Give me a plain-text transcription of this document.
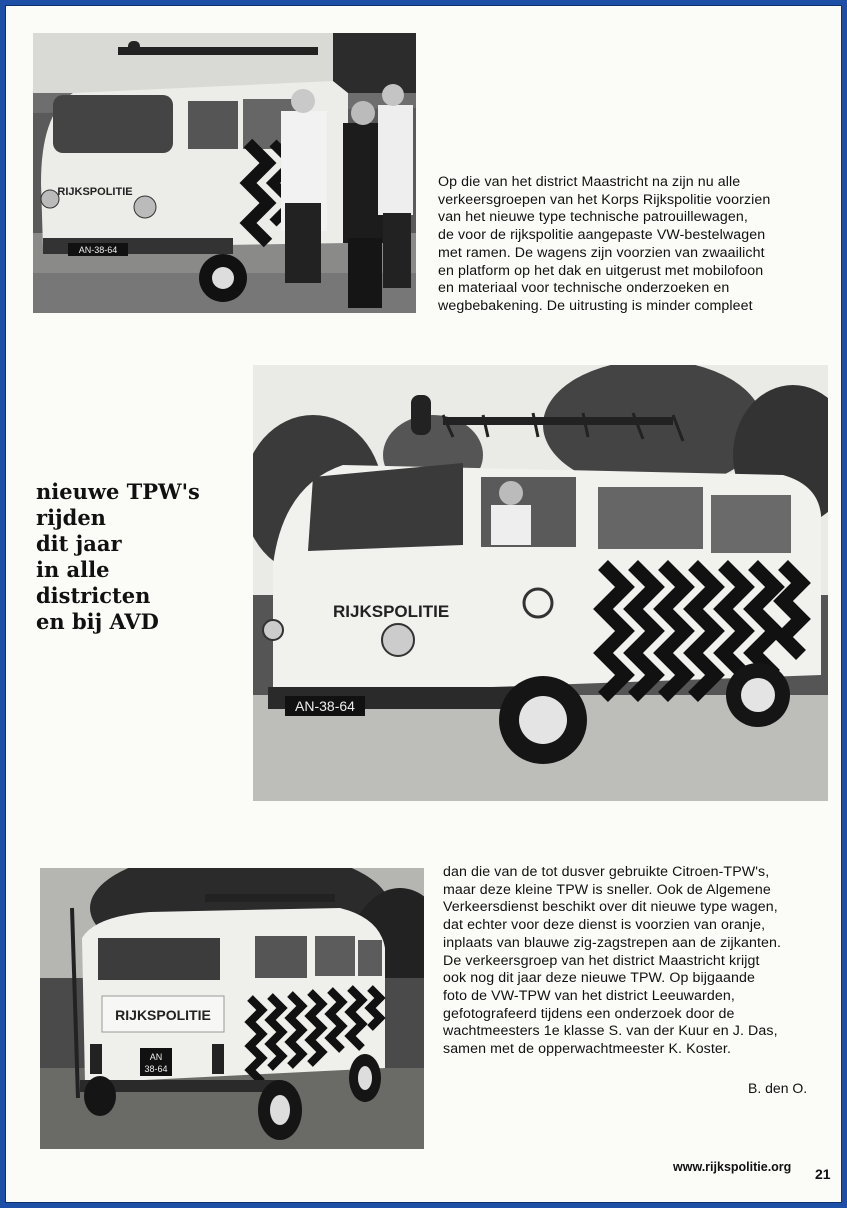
AN-38-64
RIJKSPOLITIE
Op die van het district Maastricht na zijn nu alle
verkeersgroepen van het Korps Rijkspolitie voorzien
van het nieuwe type technische patrouillewagen,
de voor de rijkspolitie aangepaste VW-bestelwagen
met ramen. De wagens zijn voorzien van zwaailicht
en platform op het dak en uitgerust met mobilofoon
en materiaal voor technische onderzoeken en
wegbebakening. De uitrusting is minder compleet
RIJKSPOLITIE
AN-38-64
nieuwe TPW's
rijden
dit jaar
in alle
districten
en bij AVD
RIJKSPOLITIE
AN
38-64
dan die van de tot dusver gebruikte Citroen-TPW's,
maar deze kleine TPW is sneller. Ook de Algemene
Verkeersdienst beschikt over dit nieuwe type wagen,
dat echter voor deze dienst is voorzien van oranje,
inplaats van blauwe zig-zagstrepen aan de zijkanten.
De verkeersgroep van het district Maastricht krijgt
ook nog dit jaar deze nieuwe TPW. Op bijgaande
foto de VW-TPW van het district Leeuwarden,
gefotografeerd tijdens een onderzoek door de
wachtmeesters 1e klasse S. van der Kuur en J. Das,
samen met de opperwachtmeester K. Koster.
B. den O.
www.rijkspolitie.org 21
